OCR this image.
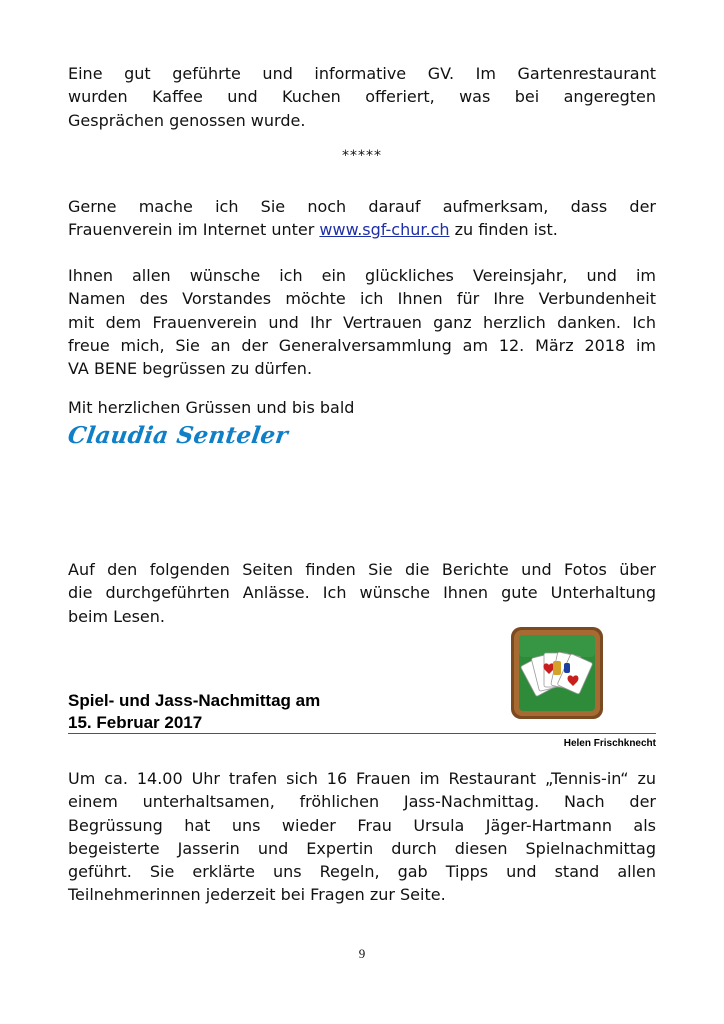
Eine gut geführte und informative GV. Im Gartenrestaurant
wurden Kaffee und Kuchen offeriert, was bei angeregten
Gesprächen genossen wurde.
*****
Gerne mache ich Sie noch darauf aufmerksam, dass der
Frauenverein im Internet unter www.sgf-chur.ch zu finden ist.
Ihnen allen wünsche ich ein glückliches Vereinsjahr, und im
Namen des Vorstandes möchte ich Ihnen für Ihre Verbundenheit
mit dem Frauenverein und Ihr Vertrauen ganz herzlich danken. Ich
freue mich, Sie an der Generalversammlung am 12. März 2018 im
VA BENE begrüssen zu dürfen.
Mit herzlichen Grüssen und bis bald
Claudia Senteler
Auf den folgenden Seiten finden Sie die Berichte und Fotos über
die durchgeführten Anlässe. Ich wünsche Ihnen gute Unterhaltung
beim Lesen.
Spiel- und Jass-Nachmittag am
15. Februar 2017
Helen Frischknecht
Um ca. 14.00 Uhr trafen sich 16 Frauen im Restaurant „Tennis-in“ zu
einem unterhaltsamen, fröhlichen Jass-Nachmittag. Nach der
Begrüssung hat uns wieder Frau Ursula Jäger-Hartmann als
begeisterte Jasserin und Expertin durch diesen Spielnachmittag
geführt. Sie erklärte uns Regeln, gab Tipps und stand allen
Teilnehmerinnen jederzeit bei Fragen zur Seite.
9
